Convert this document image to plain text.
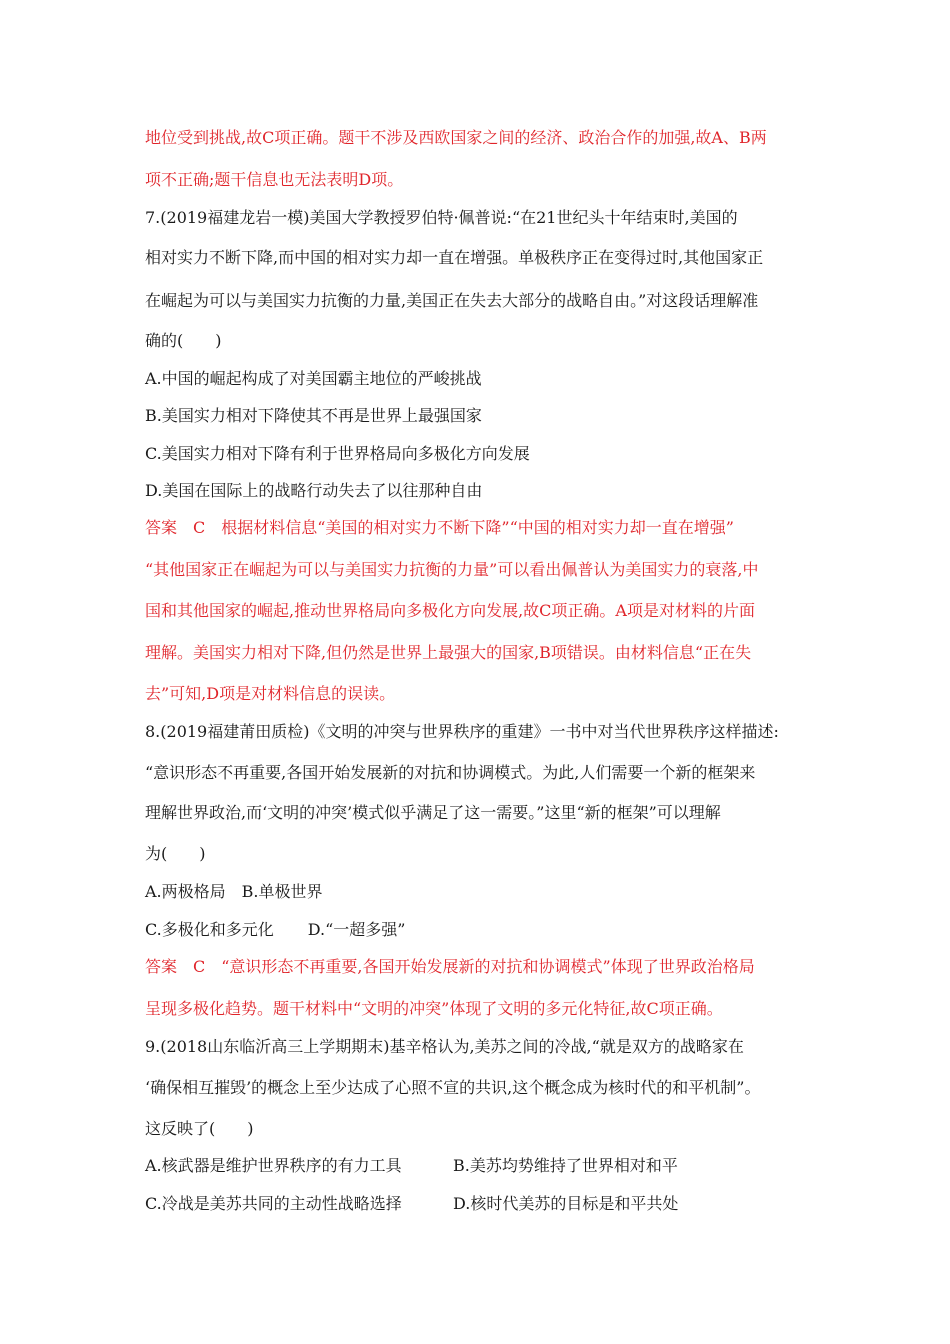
地位受到挑战,故C项正确。题干不涉及西欧国家之间的经济、政治合作的加强,故A、B两
项不正确;题干信息也无法表明D项。
7.(2019福建龙岩一模)美国大学教授罗伯特·佩普说:“在21世纪头十年结束时,美国的
相对实力不断下降,而中国的相对实力却一直在增强。单极秩序正在变得过时,其他国家正
在崛起为可以与美国实力抗衡的力量,美国正在失去大部分的战略自由。”对这段话理解准
确的(　　)
A.中国的崛起构成了对美国霸主地位的严峻挑战
B.美国实力相对下降使其不再是世界上最强国家
C.美国实力相对下降有利于世界格局向多极化方向发展
D.美国在国际上的战略行动失去了以往那种自由
答案　C　根据材料信息“美国的相对实力不断下降”“中国的相对实力却一直在增强”
“其他国家正在崛起为可以与美国实力抗衡的力量”可以看出佩普认为美国实力的衰落,中
国和其他国家的崛起,推动世界格局向多极化方向发展,故C项正确。A项是对材料的片面
理解。美国实力相对下降,但仍然是世界上最强大的国家,B项错误。由材料信息“正在失
去”可知,D项是对材料信息的误读。
8.(2019福建莆田质检)《文明的冲突与世界秩序的重建》一书中对当代世界秩序这样描述:
“意识形态不再重要,各国开始发展新的对抗和协调模式。为此,人们需要一个新的框架来
理解世界政治,而‘文明的冲突’模式似乎满足了这一需要。”这里“新的框架”可以理解
为(　　)
A.两极格局 B.单极世界
C.多极化和多元化 D.“一超多强”
答案　C　“意识形态不再重要,各国开始发展新的对抗和协调模式”体现了世界政治格局
呈现多极化趋势。题干材料中“文明的冲突”体现了文明的多元化特征,故C项正确。
9.(2018山东临沂高三上学期期末)基辛格认为,美苏之间的冷战,“就是双方的战略家在
‘确保相互摧毁’的概念上至少达成了心照不宣的共识,这个概念成为核时代的和平机制”。
这反映了(　　)
A.核武器是维护世界秩序的有力工具	B.美苏均势维持了世界相对和平
C.冷战是美苏共同的主动性战略选择	D.核时代美苏的目标是和平共处
